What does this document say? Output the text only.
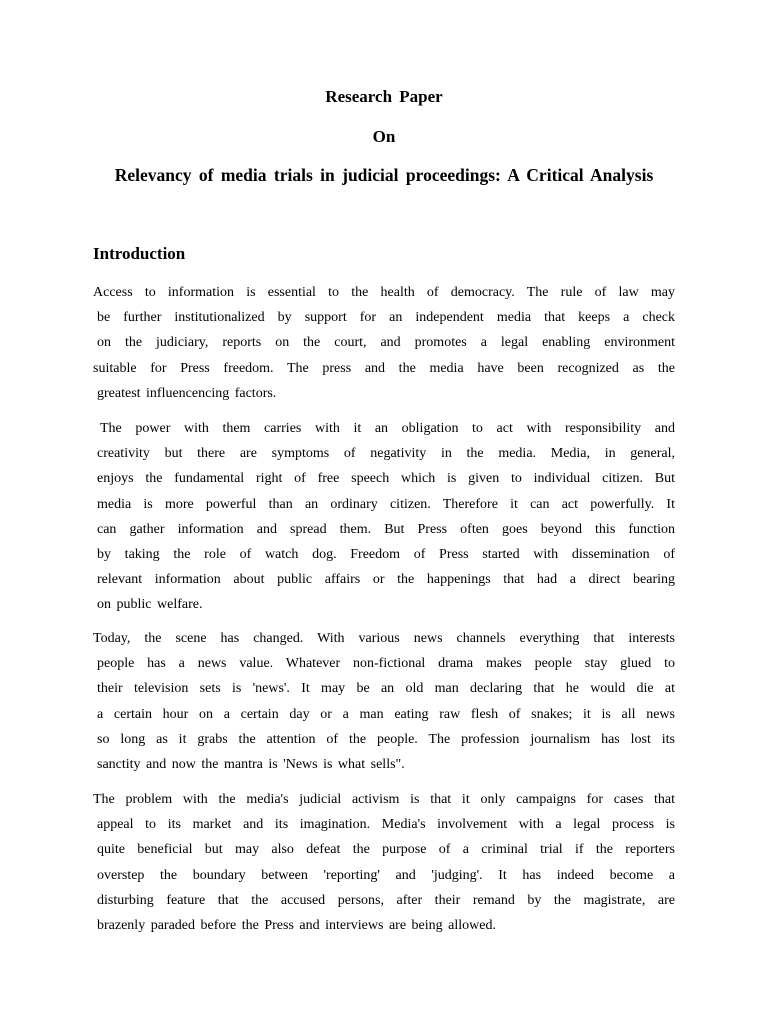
Research Paper

On

Relevancy of media trials in judicial proceedings: A Critical Analysis

Introduction
Access to information is essential to the health of democracy. The rule of law may
be further institutionalized by support for an independent media that keeps a check
on the judiciary, reports on the court, and promotes a legal enabling environment
suitable for Press freedom. The press and the media have been recognized as the
greatest influencencing factors.
The power with them carries with it an obligation to act with responsibility and
creativity but there are symptoms of negativity in the media. Media, in general,
enjoys the fundamental right of free speech which is given to individual citizen. But
media is more powerful than an ordinary citizen. Therefore it can act powerfully. It
can gather information and spread them. But Press often goes beyond this function
by taking the role of watch dog. Freedom of Press started with dissemination of
relevant information about public affairs or the happenings that had a direct bearing
on public welfare.
Today, the scene has changed. With various news channels everything that interests
people has a news value. Whatever non-fictional drama makes people stay glued to
their television sets is 'news'. It may be an old man declaring that he would die at
a certain hour on a certain day or a man eating raw flesh of snakes; it is all news
so long as it grabs the attention of the people. The profession journalism has lost its
sanctity and now the mantra is 'News is what sells".
The problem with the media's judicial activism is that it only campaigns for cases that
appeal to its market and its imagination. Media's involvement with a legal process is
quite beneficial but may also defeat the purpose of a criminal trial if the reporters
overstep the boundary between 'reporting' and 'judging'. It has indeed become a
disturbing feature that the accused persons, after their remand by the magistrate, are
brazenly paraded before the Press and interviews are being allowed.
